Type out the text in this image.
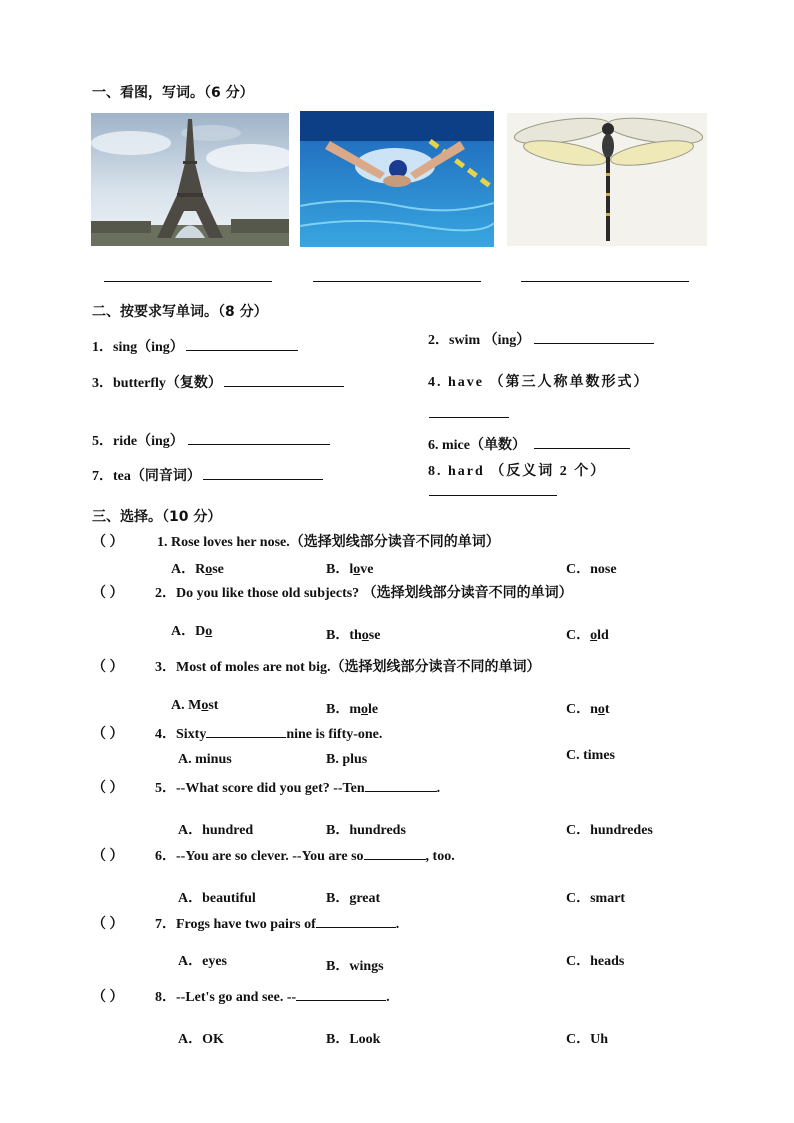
一、看图，写词。（6 分）
二、按要求写单词。（8 分）
1．sing（ing）	2．swim （ing）
3．butterfly（复数）	4. have （第三人称单数形式）
5．ride（ing）	6. mice（单数）
7．tea（同音词）	8. hard （反义词 2 个）
三、选择。（10 分）
（ ） 1. Rose loves her nose.（选择划线部分读音不同的单词）
A．Rose	B．love	C．nose
（ ） 2．Do you like those old subjects? （选择划线部分读音不同的单词）
A．Do	B．those	C．old
（ ） 3．Most of moles are not big.（选择划线部分读音不同的单词）
A. Most	B．mole	C．not
（ ） 4．Sixty	nine is fifty-one.
A. minus	B. plus	C. times
（ ） 5．--What score did you get? --Ten	.
A．hundred	B．hundreds	C．hundredes
（ ） 6．--You are so clever. --You are so	, too.
A．beautiful	B．great	C．smart
（ ） 7．Frogs have two pairs of	.
A．eyes	B．wings	C．heads
（ ） 8．--Let's go and see. --	.
A．OK	B．Look	C．Uh
